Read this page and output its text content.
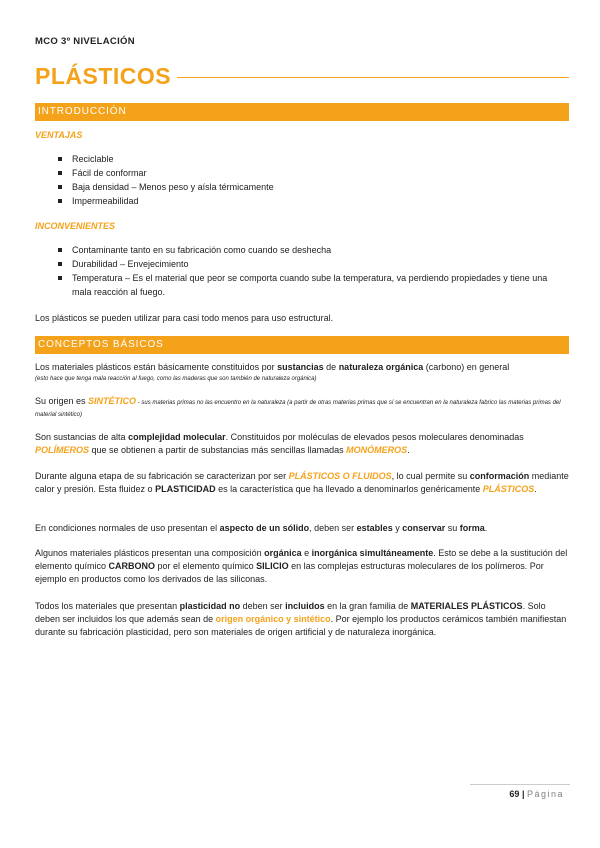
MCO 3º NIVELACIÓN
PLÁSTICOS
INTRODUCCIÓN
VENTAJAS
Reciclable
Fácil de conformar
Baja densidad – Menos peso y aísla térmicamente
Impermeabilidad
INCONVENIENTES
Contaminante tanto en su fabricación como cuando se deshecha
Durabilidad – Envejecimiento
Temperatura – Es el material que peor se comporta cuando sube la temperatura, va perdiendo propiedades y tiene una mala reacción al fuego.
Los plásticos se pueden utilizar para casi todo menos para uso estructural.
CONCEPTOS BÁSICOS
Los materiales plásticos están básicamente constituidos por sustancias de naturaleza orgánica (carbono) en general
(esto hace que tenga mala reacción al fuego, como las maderas que son también de naturaleza orgánica)
Su origen es SINTÉTICO - sus materias primas no las encuentro en la naturaleza (a partir de otras materias primas que sí se encuentran en la naturaleza fabrico las materias primas del material sintético)
Son sustancias de alta complejidad molecular. Constituidos por moléculas de elevados pesos moleculares denominadas POLÍMEROS que se obtienen a partir de substancias más sencillas llamadas MONÓMEROS.
Durante alguna etapa de su fabricación se caracterizan por ser PLÁSTICOS O FLUIDOS, lo cual permite su conformación mediante calor y presión. Esta fluidez o PLASTICIDAD es la característica que ha llevado a denominarlos genéricamente PLÁSTICOS.
En condiciones normales de uso presentan el aspecto de un sólido, deben ser estables y conservar su forma.
Algunos materiales plásticos presentan una composición orgánica e inorgánica simultáneamente. Esto se debe a la sustitución del elemento químico CARBONO por el elemento químico SILICIO en las complejas estructuras moleculares de los polímeros. Por ejemplo en productos como los derivados de las siliconas.
Todos los materiales que presentan plasticidad no deben ser incluidos en la gran familia de MATERIALES PLÁSTICOS. Solo deben ser incluidos los que además sean de origen orgánico y sintético. Por ejemplo los productos cerámicos también manifiestan durante su fabricación plasticidad, pero son materiales de origen artificial y de naturaleza inorgánica.
69 | Página
